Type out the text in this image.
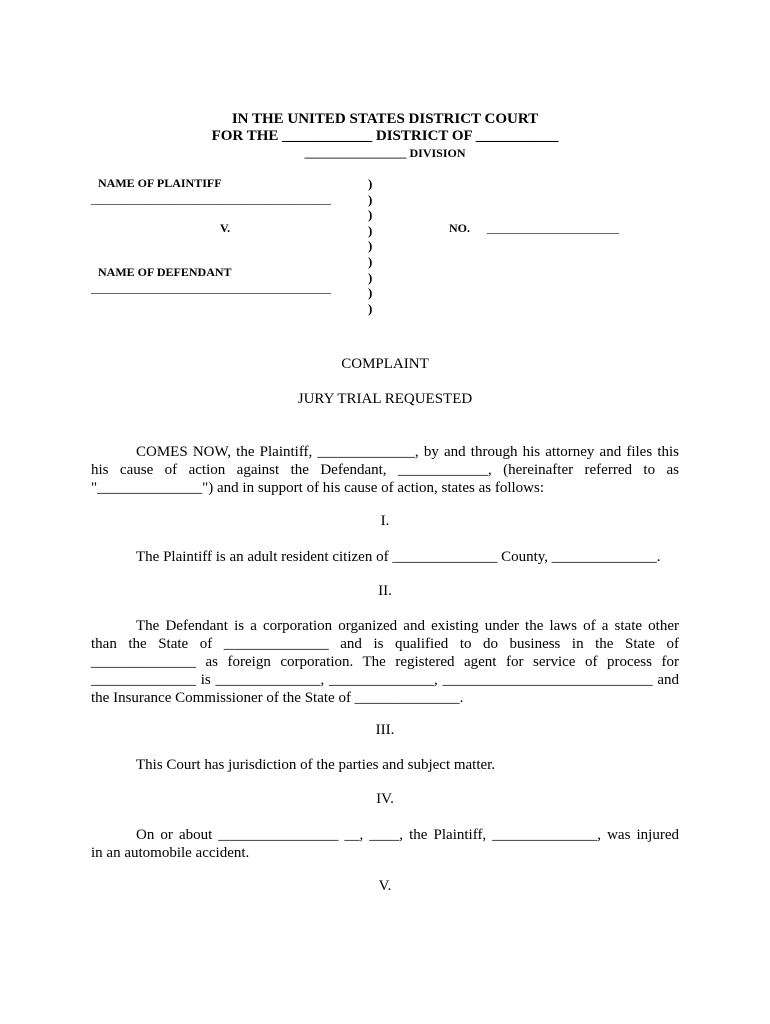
IN THE UNITED STATES DISTRICT COURT
FOR THE ____________ DISTRICT OF ___________
_________________ DIVISION
NAME OF PLAINTIFF
________________________________________
V.
NAME OF DEFENDANT
________________________________________
)
)
)
)
)
)
)
)
)
NO. ______________________
COMPLAINT
JURY TRIAL REQUESTED
COMES NOW, the Plaintiff, _____________, by and through his attorney and files this
his cause of action against the Defendant, ____________, (hereinafter referred to as
"______________") and in support of his cause of action, states as follows:
I.
The Plaintiff is an adult resident citizen of ______________ County, ______________.
II.
The Defendant is a corporation organized and existing under the laws of a state other
than the State of ______________ and is qualified to do business in the State of
______________ as foreign corporation. The registered agent for service of process for
______________ is ______________, ______________, ____________________________ and
the Insurance Commissioner of the State of ______________.
III.
This Court has jurisdiction of the parties and subject matter.
IV.
On or about ________________ __, ____, the Plaintiff, ______________, was injured
in an automobile accident.
V.
